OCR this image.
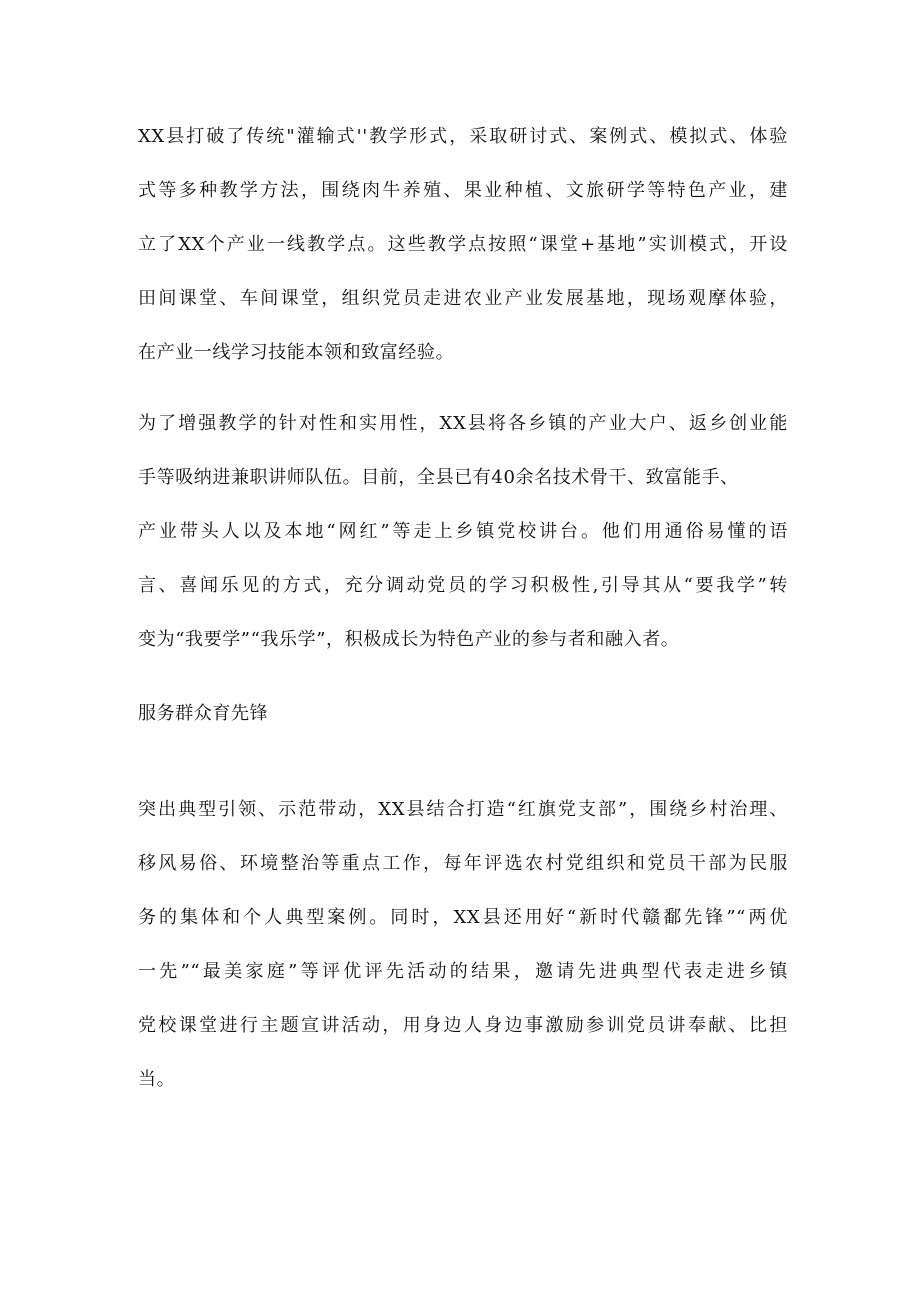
XX县打破了传统"灌输式''教学形式，采取研讨式、案例式、模拟式、体验
式等多种教学方法，围绕肉牛养殖、果业种植、文旅研学等特色产业，建
立了XX个产业一线教学点。这些教学点按照“课堂+基地”实训模式，开设
田间课堂、车间课堂，组织党员走进农业产业发展基地，现场观摩体验，
在产业一线学习技能本领和致富经验。
为了增强教学的针对性和实用性，XX县将各乡镇的产业大户、返乡创业能
手等吸纳进兼职讲师队伍。目前，全县已有40余名技术骨干、致富能手、
产业带头人以及本地“网红”等走上乡镇党校讲台。他们用通俗易懂的语
言、喜闻乐见的方式，充分调动党员的学习积极性,引导其从“要我学”转
变为“我要学”“我乐学”，积极成长为特色产业的参与者和融入者。
服务群众育先锋
突出典型引领、示范带动，XX县结合打造“红旗党支部”，围绕乡村治理、
移风易俗、环境整治等重点工作，每年评选农村党组织和党员干部为民服
务的集体和个人典型案例。同时，XX县还用好“新时代赣鄱先锋”“两优
一先”“最美家庭”等评优评先活动的结果，邀请先进典型代表走进乡镇
党校课堂进行主题宣讲活动，用身边人身边事激励参训党员讲奉献、比担
当。
